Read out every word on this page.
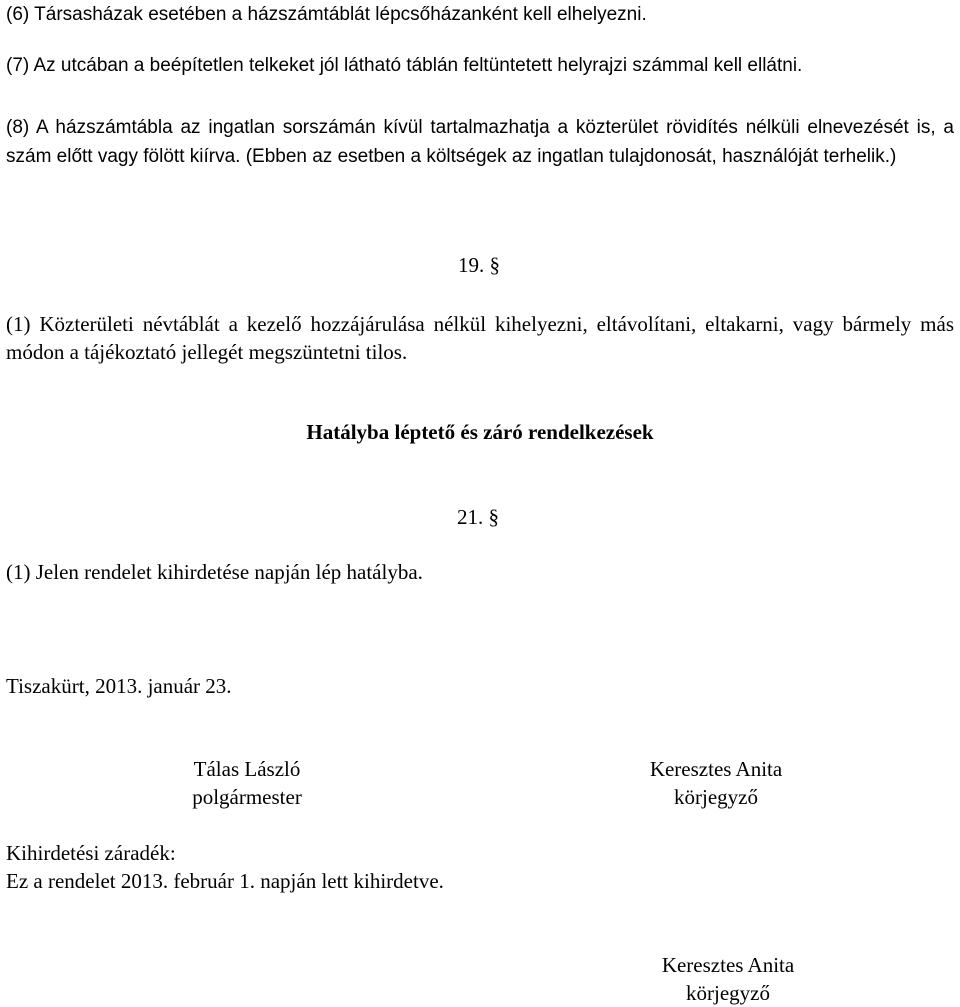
(6) Társasházak esetében a házszámtáblát lépcsőházanként kell elhelyezni.
(7) Az utcában a beépítetlen telkeket jól látható táblán feltüntetett helyrajzi számmal kell ellátni.

(8) A házszámtábla az ingatlan sorszámán kívül tartalmazhatja a közterület rövidítés nélküli elnevezését is, a szám előtt vagy fölött kiírva. (Ebben az esetben a költségek az ingatlan tulajdonosát, használóját terhelik.)

19. §

(1) Közterületi névtáblát a kezelő hozzájárulása nélkül kihelyezni, eltávolítani, eltakarni, vagy bármely más módon a tájékoztató jellegét megszüntetni tilos.

Hatályba léptető és záró rendelkezések
21. §
(1) Jelen rendelet kihirdetése napján lép hatályba.
Tiszakürt, 2013. január 23.
Tálas László
polgármester
Keresztes Anita
körjegyző
Kihirdetési záradék:
Ez a rendelet 2013. február 1. napján lett kihirdetve.
Keresztes Anita
körjegyző
